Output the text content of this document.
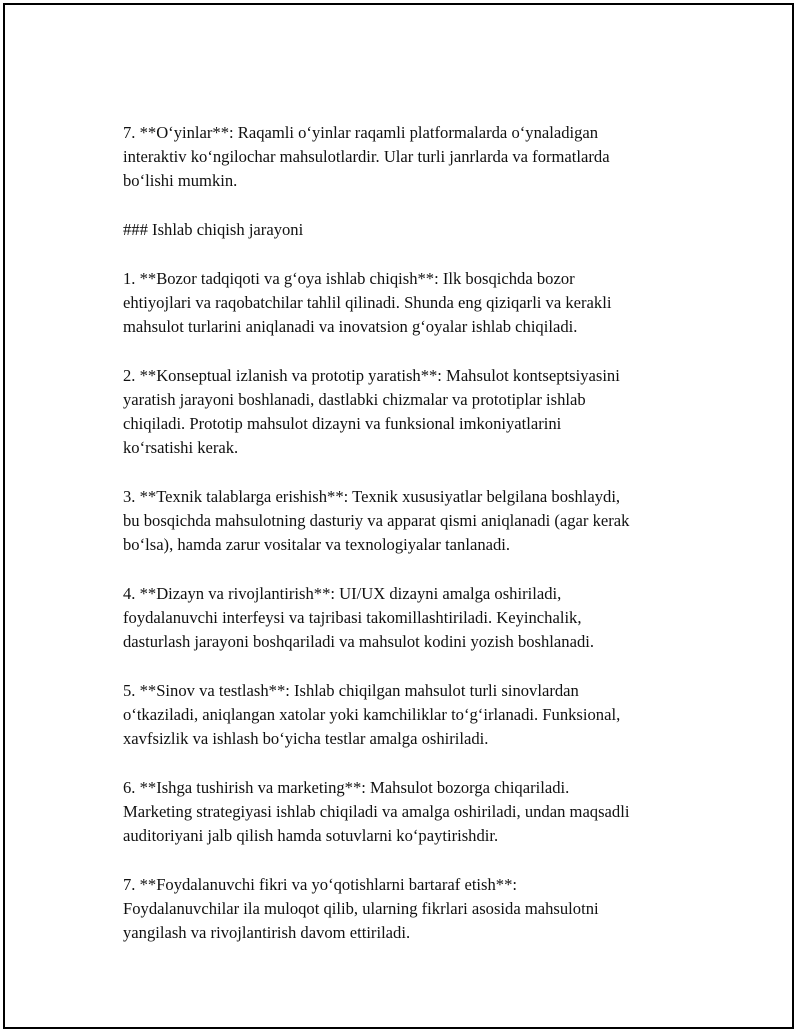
7. **O‘yinlar**: Raqamli o‘yinlar raqamli platformalarda o‘ynaladigan
interaktiv ko‘ngilochar mahsulotlardir. Ular turli janrlarda va formatlarda
bo‘lishi mumkin.
### Ishlab chiqish jarayoni
1. **Bozor tadqiqoti va g‘oya ishlab chiqish**: Ilk bosqichda bozor
ehtiyojlari va raqobatchilar tahlil qilinadi. Shunda eng qiziqarli va kerakli
mahsulot turlarini aniqlanadi va inovatsion g‘oyalar ishlab chiqiladi.
2. **Konseptual izlanish va prototip yaratish**: Mahsulot kontseptsiyasini
yaratish jarayoni boshlanadi, dastlabki chizmalar va prototiplar ishlab
chiqiladi. Prototip mahsulot dizayni va funksional imkoniyatlarini
ko‘rsatishi kerak.
3. **Texnik talablarga erishish**: Texnik xususiyatlar belgilana boshlaydi,
bu bosqichda mahsulotning dasturiy va apparat qismi aniqlanadi (agar kerak
bo‘lsa), hamda zarur vositalar va texnologiyalar tanlanadi.
4. **Dizayn va rivojlantirish**: UI/UX dizayni amalga oshiriladi,
foydalanuvchi interfeysi va tajribasi takomillashtiriladi. Keyinchalik,
dasturlash jarayoni boshqariladi va mahsulot kodini yozish boshlanadi.
5. **Sinov va testlash**: Ishlab chiqilgan mahsulot turli sinovlardan
o‘tkaziladi, aniqlangan xatolar yoki kamchiliklar to‘g‘irlanadi. Funksional,
xavfsizlik va ishlash bo‘yicha testlar amalga oshiriladi.
6. **Ishga tushirish va marketing**: Mahsulot bozorga chiqariladi.
Marketing strategiyasi ishlab chiqiladi va amalga oshiriladi, undan maqsadli
auditoriyani jalb qilish hamda sotuvlarni ko‘paytirishdir.
7. **Foydalanuvchi fikri va yo‘qotishlarni bartaraf etish**:
Foydalanuvchilar ila muloqot qilib, ularning fikrlari asosida mahsulotni
yangilash va rivojlantirish davom ettiriladi.
